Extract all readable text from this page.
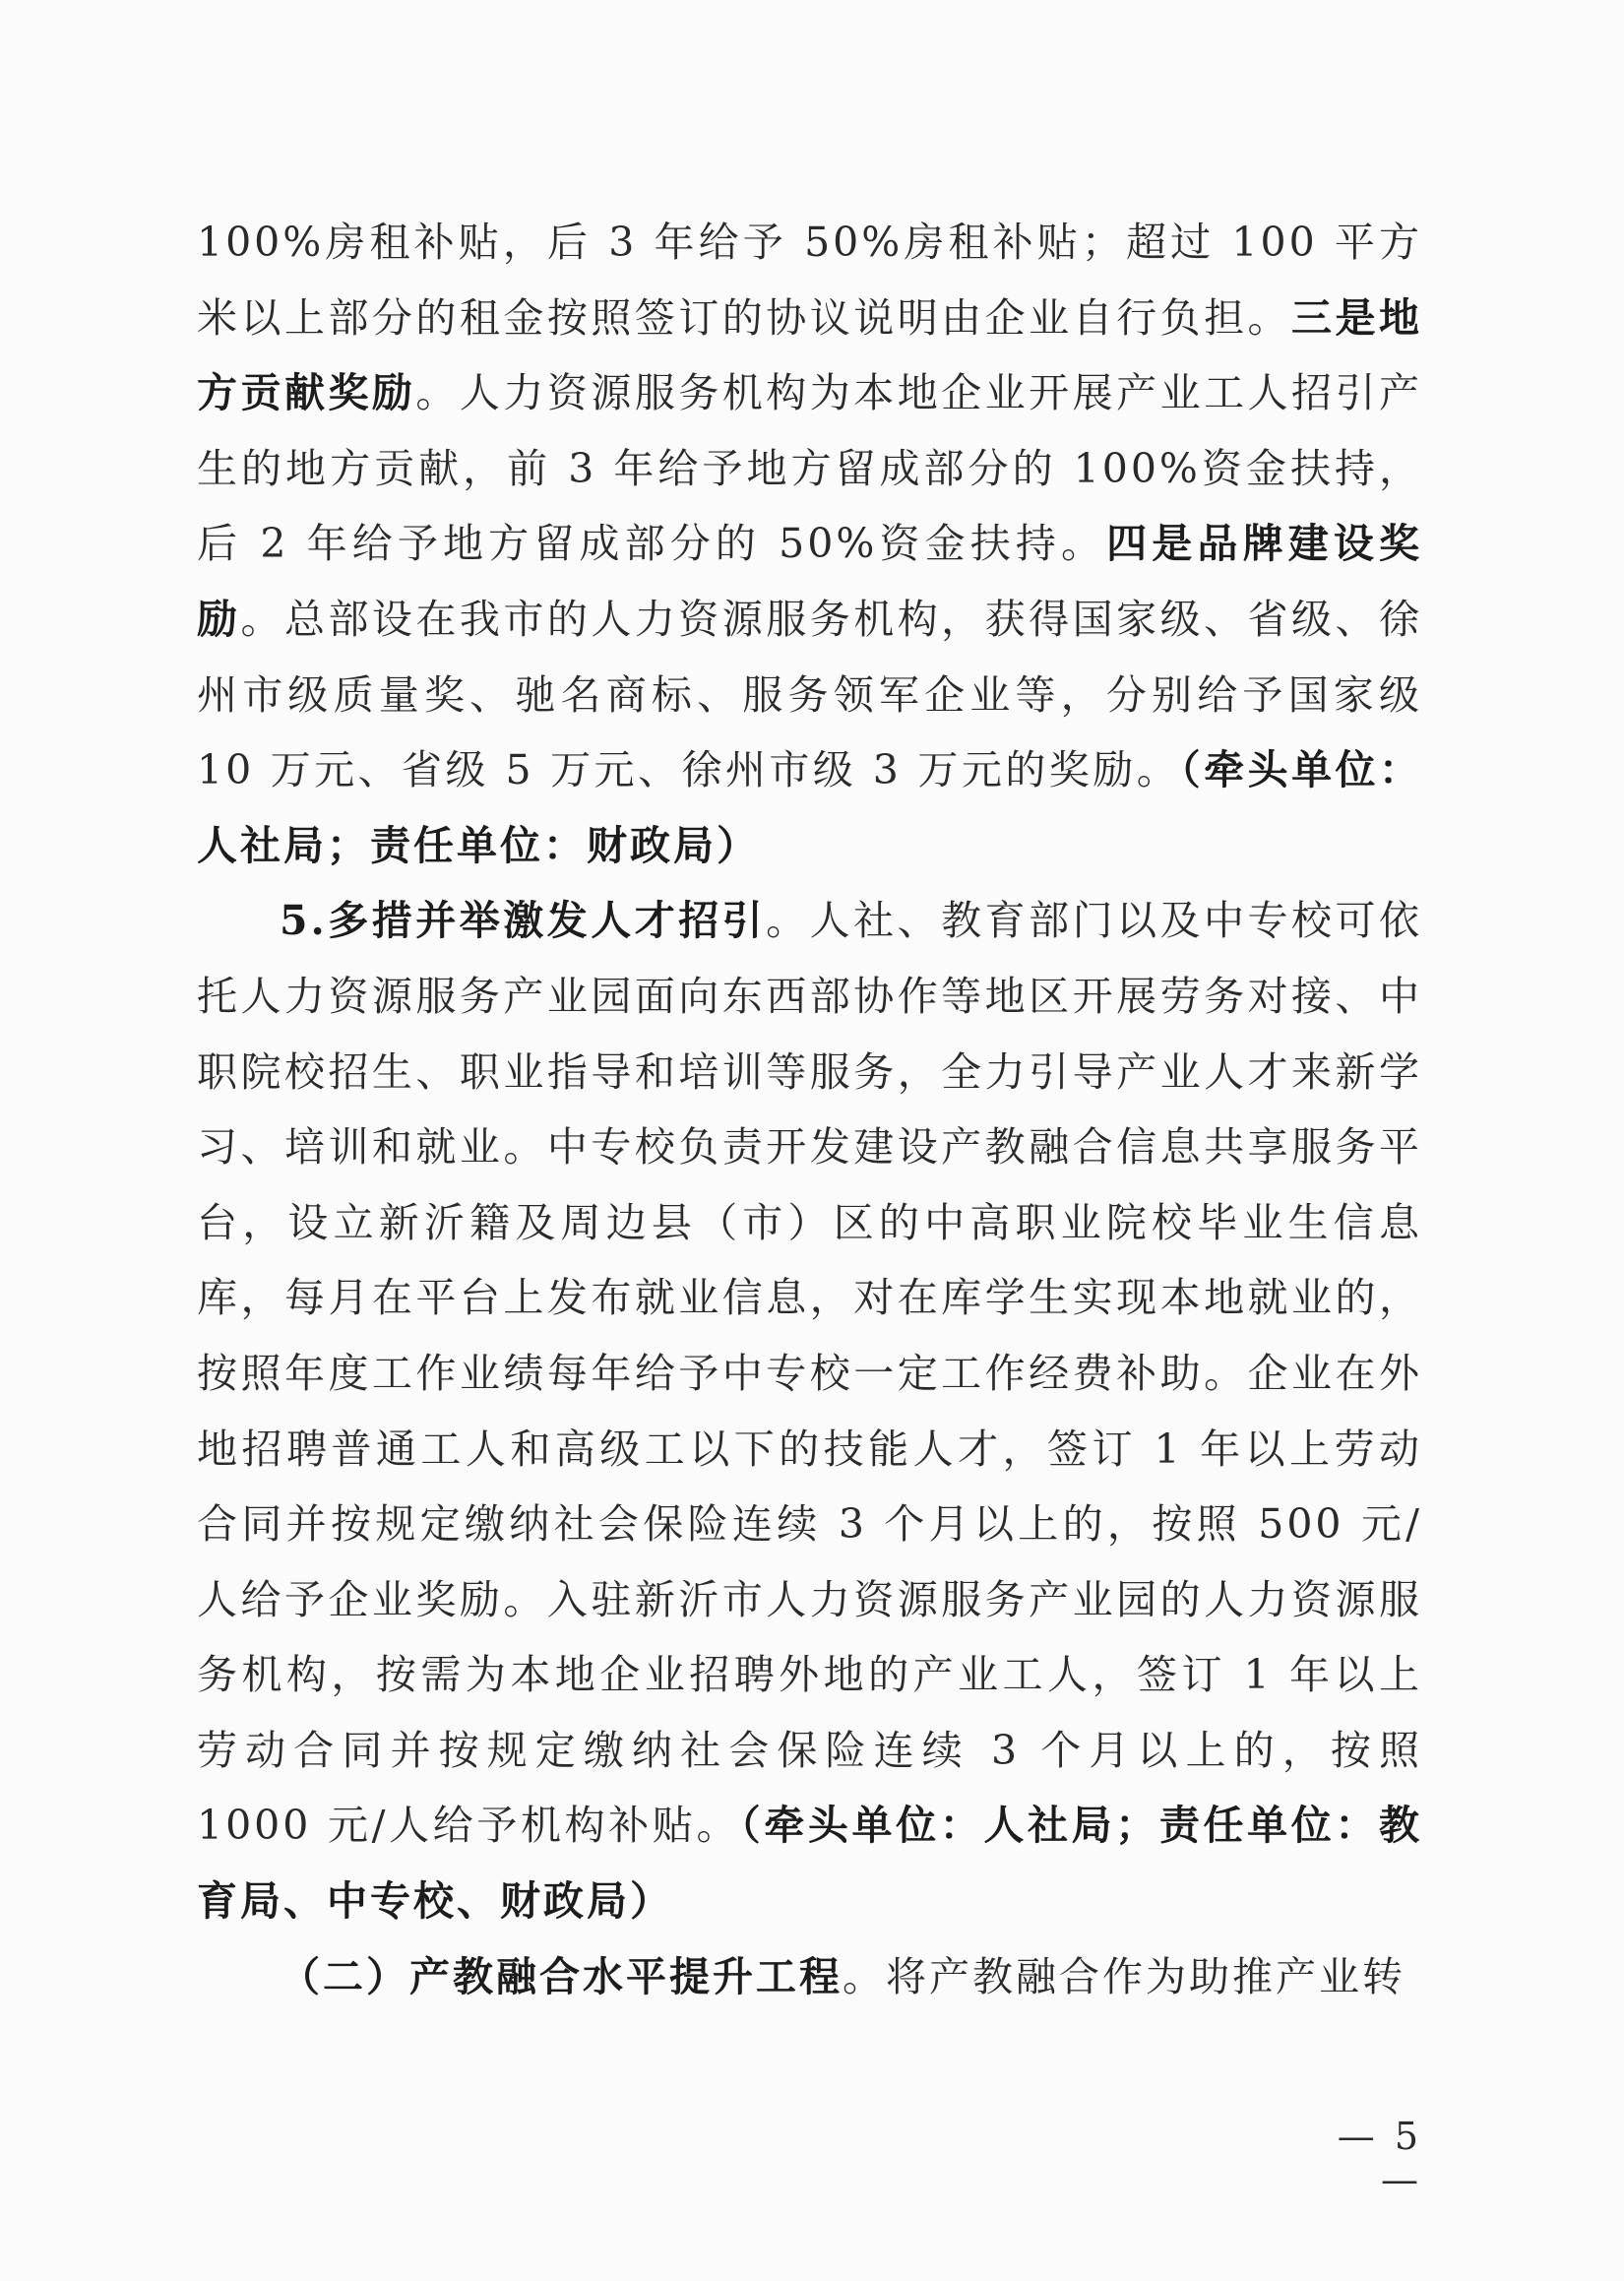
100%房租补贴，后 3 年给予 50%房租补贴；超过 100 平方米以上部分的租金按照签订的协议说明由企业自行负担。三是地方贡献奖励。人力资源服务机构为本地企业开展产业工人招引产生的地方贡献，前 3 年给予地方留成部分的 100%资金扶持，后 2 年给予地方留成部分的 50%资金扶持。四是品牌建设奖励。总部设在我市的人力资源服务机构，获得国家级、省级、徐州市级质量奖、驰名商标、服务领军企业等，分别给予国家级 10 万元、省级 5 万元、徐州市级 3 万元的奖励。（牵头单位：人社局；责任单位：财政局）

5.多措并举激发人才招引。人社、教育部门以及中专校可依托人力资源服务产业园面向东西部协作等地区开展劳务对接、中职院校招生、职业指导和培训等服务，全力引导产业人才来新学习、培训和就业。中专校负责开发建设产教融合信息共享服务平台，设立新沂籍及周边县（市）区的中高职业院校毕业生信息库，每月在平台上发布就业信息，对在库学生实现本地就业的，按照年度工作业绩每年给予中专校一定工作经费补助。企业在外地招聘普通工人和高级工以下的技能人才，签订 1 年以上劳动合同并按规定缴纳社会保险连续 3 个月以上的，按照 500 元/人给予企业奖励。入驻新沂市人力资源服务产业园的人力资源服务机构，按需为本地企业招聘外地的产业工人，签订 1 年以上劳动合同并按规定缴纳社会保险连续 3 个月以上的，按照 1000 元/人给予机构补贴。（牵头单位：人社局；责任单位：教育局、中专校、财政局）

（二）产教融合水平提升工程。将产教融合作为助推产业转

— 5 —
